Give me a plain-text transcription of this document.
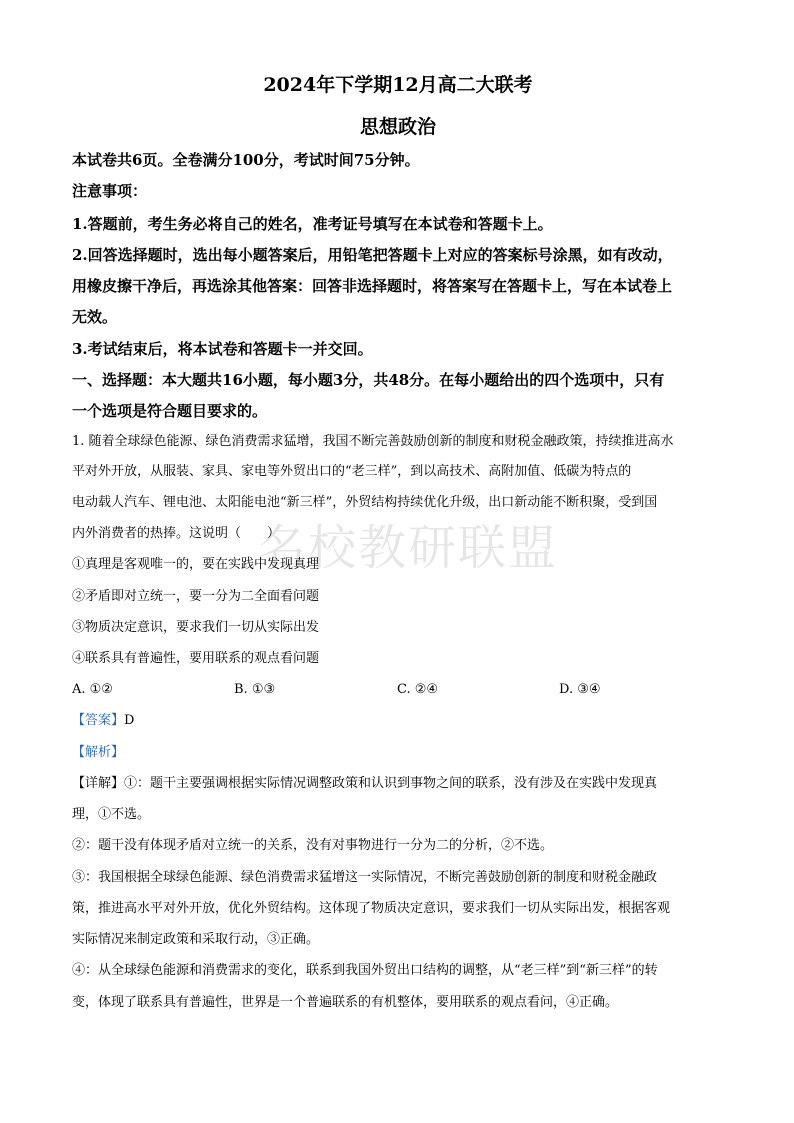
名校教研联盟
2024年下学期12月高二大联考
思想政治
本试卷共6页。全卷满分100分，考试时间75分钟。
注意事项：
1.答题前，考生务必将自己的姓名，准考证号填写在本试卷和答题卡上。
2.回答选择题时，选出每小题答案后，用铅笔把答题卡上对应的答案标号涂黑，如有改动，
用橡皮擦干净后，再选涂其他答案：回答非选择题时，将答案写在答题卡上，写在本试卷上
无效。
3.考试结束后，将本试卷和答题卡一并交回。
一、选择题：本大题共16小题，每小题3分，共48分。在每小题给出的四个选项中，只有
一个选项是符合题目要求的。
1. 随着全球绿色能源、绿色消费需求猛增，我国不断完善鼓励创新的制度和财税金融政策，持续推进高水
平对外开放，从服装、家具、家电等外贸出口的“老三样”，到以高技术、高附加值、低碳为特点的
电动载人汽车、锂电池、太阳能电池“新三样”，外贸结构持续优化升级，出口新动能不断积聚，受到国
内外消费者的热捧。这说明（　　）
①真理是客观唯一的，要在实践中发现真理
②矛盾即对立统一，要一分为二全面看问题
③物质决定意识，要求我们一切从实际出发
④联系具有普遍性，要用联系的观点看问题
A. ①②	B. ①③	C. ②④	D. ③④
【答案】D
【解析】
【详解】①：题干主要强调根据实际情况调整政策和认识到事物之间的联系，没有涉及在实践中发现真
理，①不选。
②：题干没有体现矛盾对立统一的关系，没有对事物进行一分为二的分析，②不选。
③：我国根据全球绿色能源、绿色消费需求猛增这一实际情况，不断完善鼓励创新的制度和财税金融政
策，推进高水平对外开放，优化外贸结构。这体现了物质决定意识，要求我们一切从实际出发，根据客观
实际情况来制定政策和采取行动，③正确。
④：从全球绿色能源和消费需求的变化，联系到我国外贸出口结构的调整，从“老三样”到“新三样”的转
变，体现了联系具有普遍性，世界是一个普遍联系的有机整体，要用联系的观点看问，④正确。
